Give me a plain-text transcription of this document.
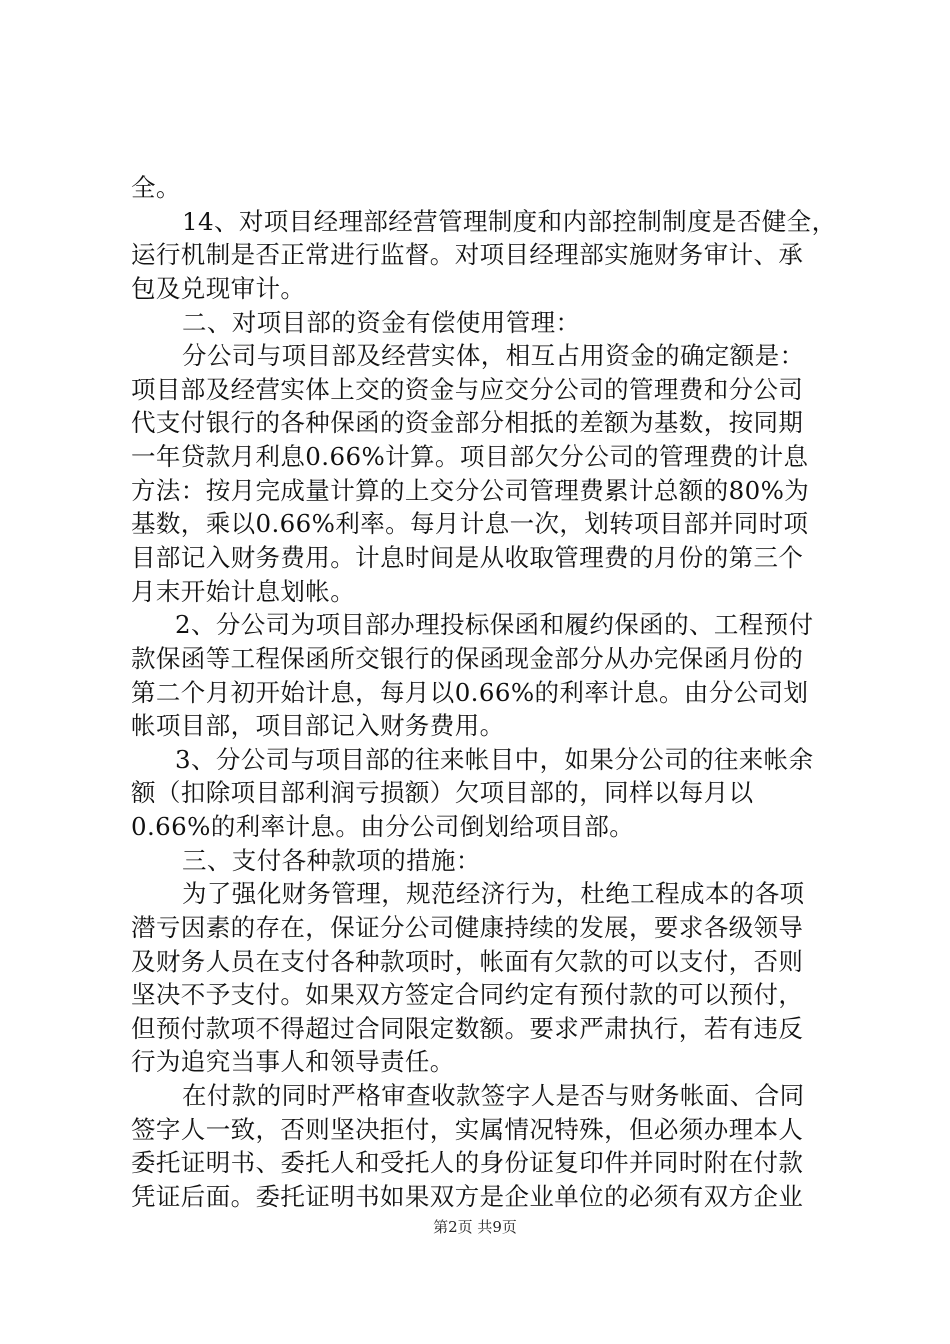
全。
14、对项目经理部经营管理制度和内部控制制度是否健全，
运行机制是否正常进行监督。对项目经理部实施财务审计、承
包及兑现审计。
二、对项目部的资金有偿使用管理：
分公司与项目部及经营实体，相互占用资金的确定额是：
项目部及经营实体上交的资金与应交分公司的管理费和分公司
代支付银行的各种保函的资金部分相抵的差额为基数，按同期
一年贷款月利息0.66%计算。项目部欠分公司的管理费的计息
方法：按月完成量计算的上交分公司管理费累计总额的80%为
基数，乘以0.66%利率。每月计息一次，划转项目部并同时项
目部记入财务费用。计息时间是从收取管理费的月份的第三个
月末开始计息划帐。
2、分公司为项目部办理投标保函和履约保函的、工程预付
款保函等工程保函所交银行的保函现金部分从办完保函月份的
第二个月初开始计息，每月以0.66%的利率计息。由分公司划
帐项目部，项目部记入财务费用。
3、分公司与项目部的往来帐目中，如果分公司的往来帐余
额（扣除项目部利润亏损额）欠项目部的，同样以每月以
0.66%的利率计息。由分公司倒划给项目部。
三、支付各种款项的措施：
为了强化财务管理，规范经济行为，杜绝工程成本的各项
潜亏因素的存在，保证分公司健康持续的发展，要求各级领导
及财务人员在支付各种款项时，帐面有欠款的可以支付，否则
坚决不予支付。如果双方签定合同约定有预付款的可以预付，
但预付款项不得超过合同限定数额。要求严肃执行，若有违反
行为追究当事人和领导责任。
在付款的同时严格审查收款签字人是否与财务帐面、合同
签字人一致，否则坚决拒付，实属情况特殊，但必须办理本人
委托证明书、委托人和受托人的身份证复印件并同时附在付款
凭证后面。委托证明书如果双方是企业单位的必须有双方企业
第2页 共9页
